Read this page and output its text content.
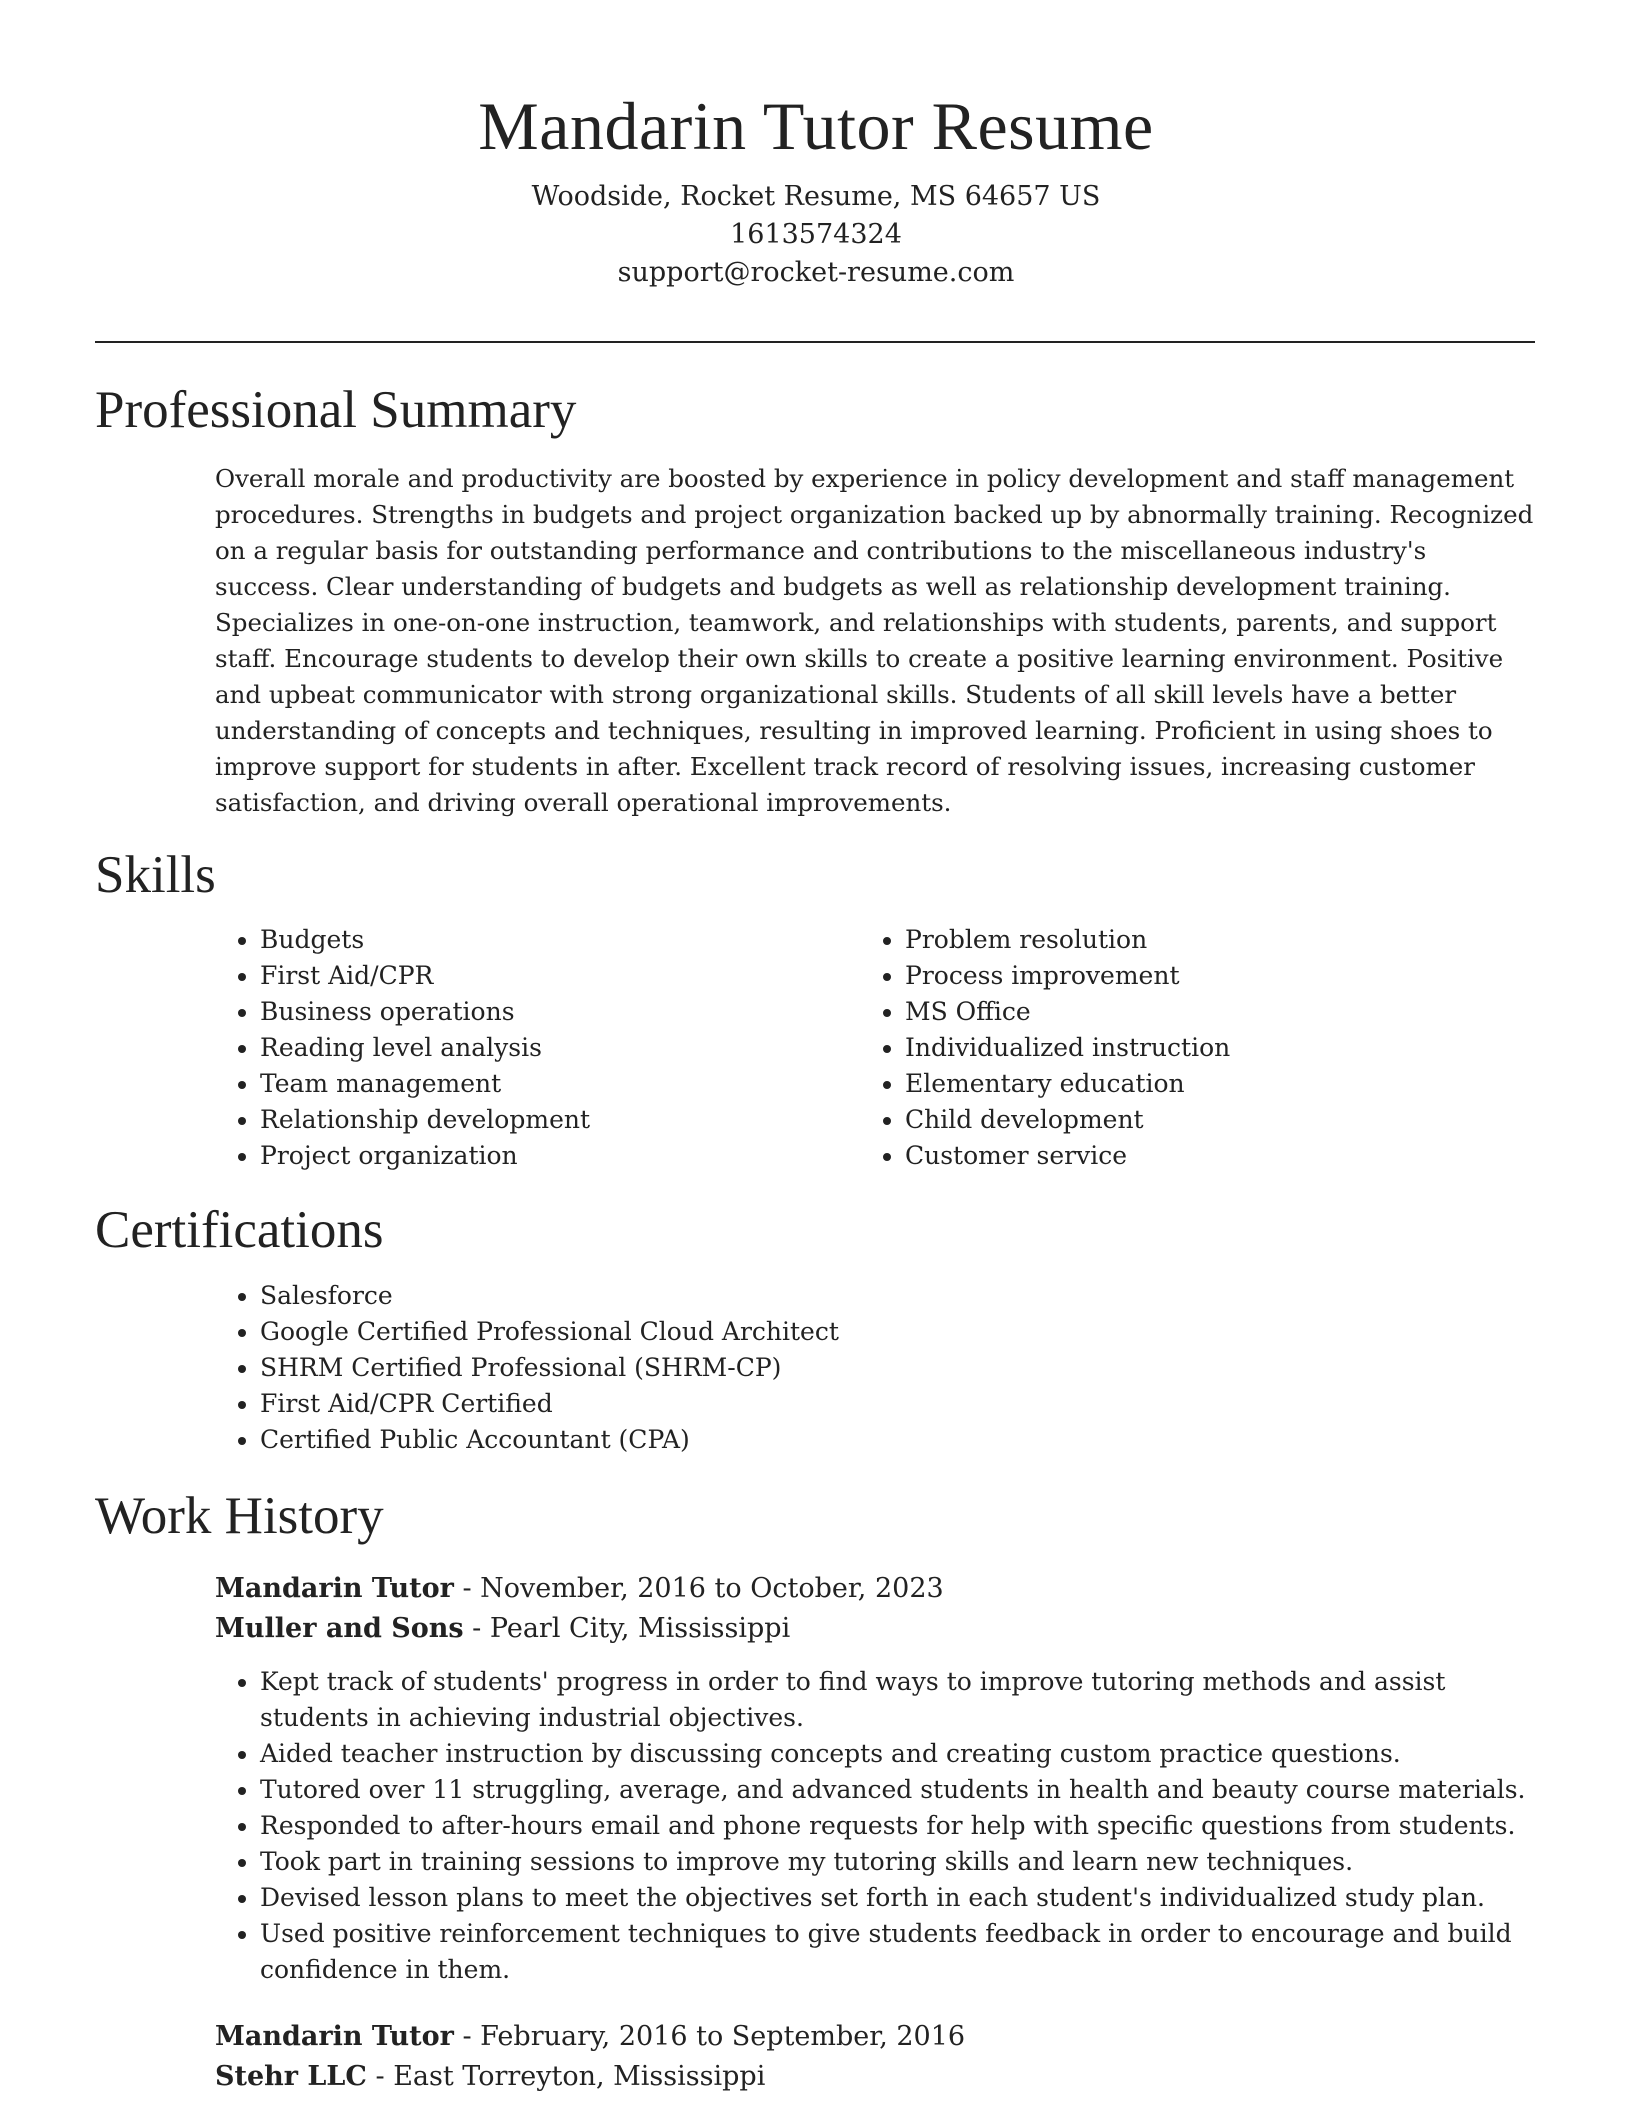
Mandarin Tutor Resume
Woodside, Rocket Resume, MS 64657 US
1613574324
support@rocket-resume.com
Professional Summary

Overall morale and productivity are boosted by experience in policy development and staff management procedures. Strengths in budgets and project organization backed up by abnormally training. Recognized on a regular basis for outstanding performance and contributions to the miscellaneous industry's success. Clear understanding of budgets and budgets as well as relationship development training. Specializes in one-on-one instruction, teamwork, and relationships with students, parents, and support staff. Encourage students to develop their own skills to create a positive learning environment. Positive and upbeat communicator with strong organizational skills. Students of all skill levels have a better understanding of concepts and techniques, resulting in improved learning. Proficient in using shoes to improve support for students in after. Excellent track record of resolving issues, increasing customer satisfaction, and driving overall operational improvements.

Skills
• Budgets
• First Aid/CPR
• Business operations
• Reading level analysis
• Team management
• Relationship development
• Project organization
• Problem resolution
• Process improvement
• MS Office
• Individualized instruction
• Elementary education
• Child development
• Customer service
Certifications
• Salesforce
• Google Certified Professional Cloud Architect
• SHRM Certified Professional (SHRM-CP)
• First Aid/CPR Certified
• Certified Public Accountant (CPA)
Work History
Mandarin Tutor - November, 2016 to October, 2023
Muller and Sons - Pearl City, Mississippi
• Kept track of students' progress in order to find ways to improve tutoring methods and assist students in achieving industrial objectives.
• Aided teacher instruction by discussing concepts and creating custom practice questions.
• Tutored over 11 struggling, average, and advanced students in health and beauty course materials.
• Responded to after-hours email and phone requests for help with specific questions from students.
• Took part in training sessions to improve my tutoring skills and learn new techniques.
• Devised lesson plans to meet the objectives set forth in each student's individualized study plan.
• Used positive reinforcement techniques to give students feedback in order to encourage and build confidence in them.
Mandarin Tutor - February, 2016 to September, 2016
Stehr LLC - East Torreyton, Mississippi
